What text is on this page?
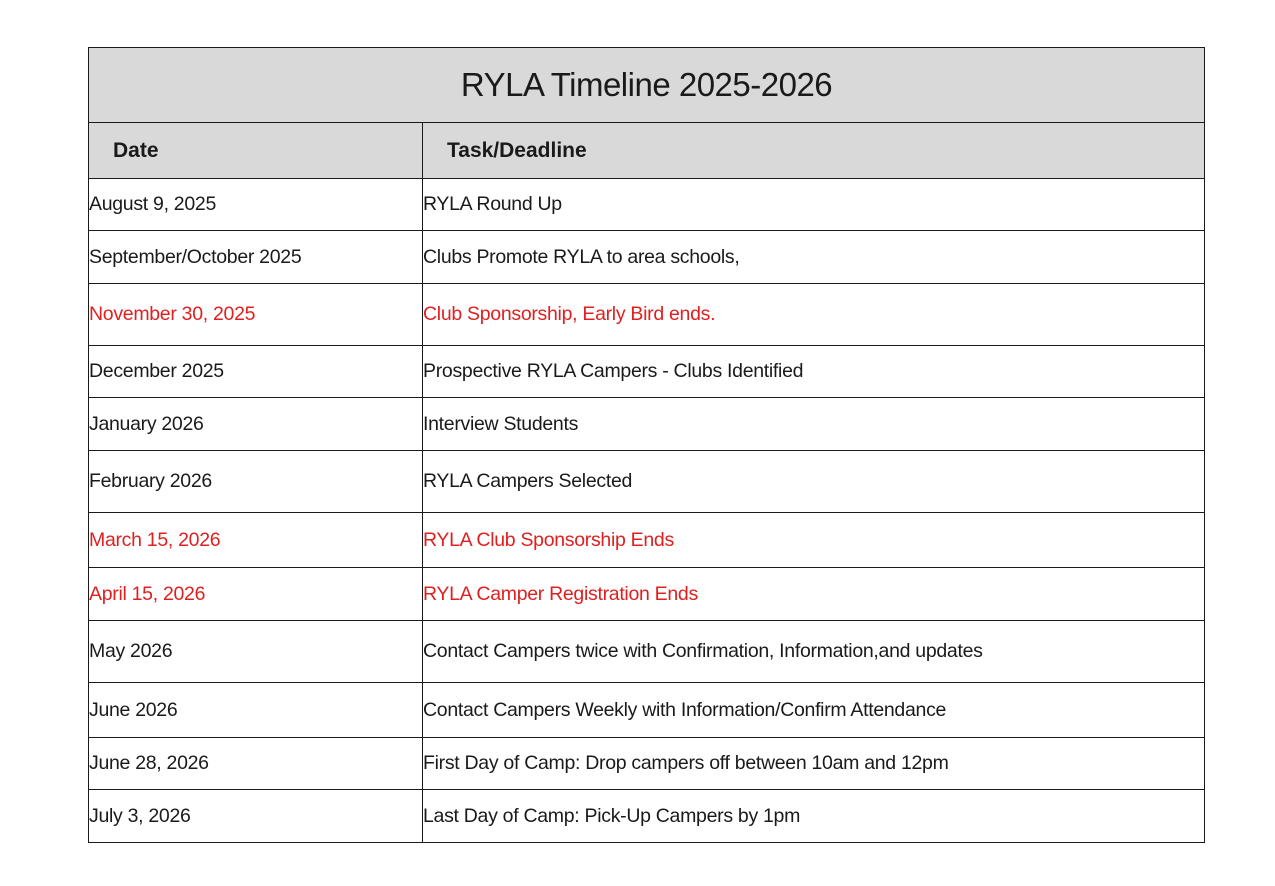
RYLA Timeline 2025-2026	
Date	Task/Deadline
August 9, 2025	RYLA Round Up
September/October 2025	Clubs Promote RYLA to area schools,
November 30, 2025	Club Sponsorship, Early Bird ends.
December 2025	Prospective RYLA Campers - Clubs Identified
January 2026	Interview Students
February 2026	RYLA Campers Selected
March 15, 2026	RYLA Club Sponsorship Ends
April 15, 2026	RYLA Camper Registration Ends
May 2026	Contact Campers twice with Confirmation, Information,and updates
June 2026	Contact Campers Weekly with Information/Confirm Attendance
June 28, 2026	First Day of Camp: Drop campers off between 10am and 12pm
July 3, 2026	Last Day of Camp: Pick-Up Campers by 1pm
